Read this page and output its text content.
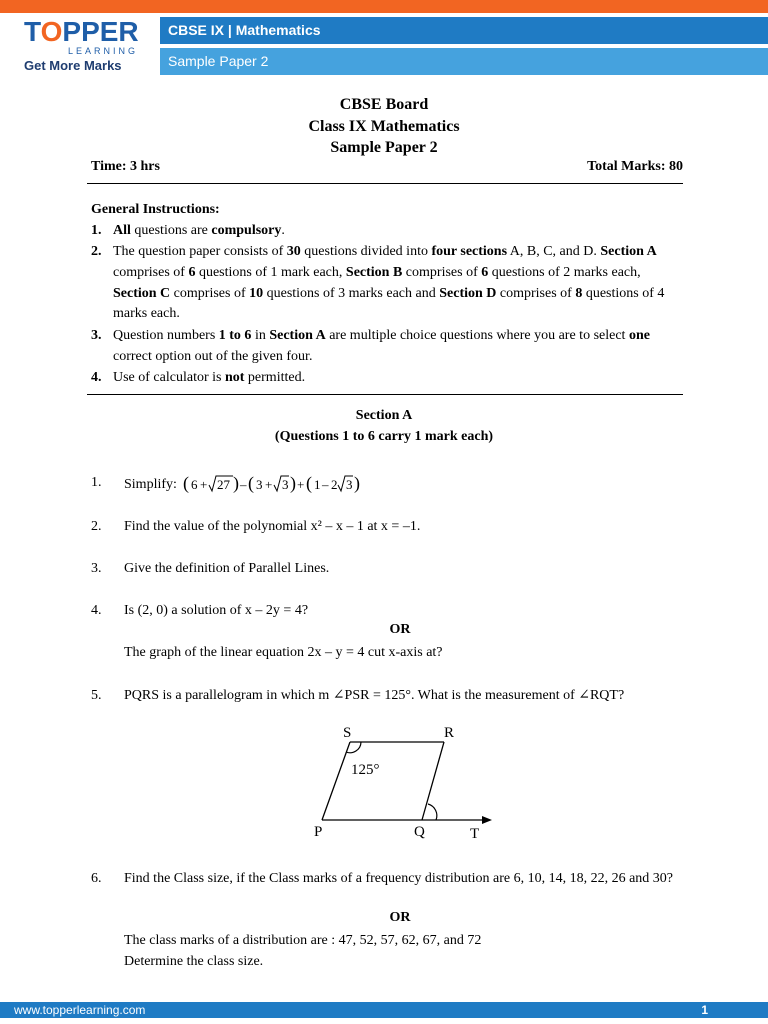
TOPPER
LEARNING
Get More Marks
CBSE IX | Mathematics
Sample Paper 2
CBSE Board
Class IX Mathematics
Sample Paper 2
Time: 3 hrs	Total Marks: 80
General Instructions:
1. All questions are compulsory.
2. The question paper consists of 30 questions divided into four sections A, B, C, and D. Section A comprises of 6 questions of 1 mark each, Section B comprises of 6 questions of 2 marks each, Section C comprises of 10 questions of 3 marks each and Section D comprises of 8 questions of 4 marks each.
3. Question numbers 1 to 6 in Section A are multiple choice questions where you are to select one correct option out of the given four.
4. Use of calculator is not permitted.
Section A
(Questions 1 to 6 carry 1 mark each)
1. Simplify: ( 6 + 27 ) – ( 3 + 3 ) + ( 1 – 2 3 )
2. Find the value of the polynomial x² – x – 1 at x = –1.
3. Give the definition of Parallel Lines.
4. Is (2, 0) a solution of x – 2y = 4?
OR
The graph of the linear equation 2x – y = 4 cut x-axis at?
5. PQRS is a parallelogram in which m ∠PSR = 125°. What is the measurement of ∠RQT?
S	R
P	Q	T
125°
6. Find the Class size, if the Class marks of a frequency distribution are 6, 10, 14, 18, 22, 26 and 30?
OR
The class marks of a distribution are : 47, 52, 57, 62, 67, and 72
Determine the class size.
www.topperlearning.com	1
